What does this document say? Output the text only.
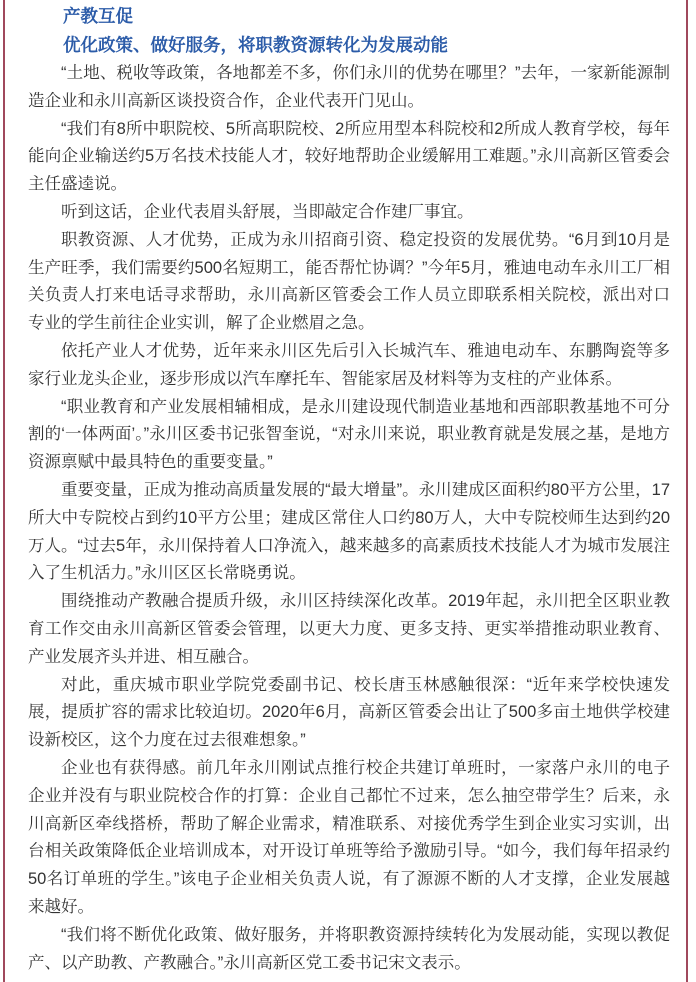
产教互促

优化政策、做好服务，将职教资源转化为发展动能

“土地、税收等政策，各地都差不多，你们永川的优势在哪里？”去年，一家新能源制造企业和永川高新区谈投资合作，企业代表开门见山。

“我们有8所中职院校、5所高职院校、2所应用型本科院校和2所成人教育学校，每年能向企业输送约5万名技术技能人才，较好地帮助企业缓解用工难题。”永川高新区管委会主任盛逵说。

听到这话，企业代表眉头舒展，当即敲定合作建厂事宜。

职教资源、人才优势，正成为永川招商引资、稳定投资的发展优势。“6月到10月是生产旺季，我们需要约500名短期工，能否帮忙协调？”今年5月，雅迪电动车永川工厂相关负责人打来电话寻求帮助，永川高新区管委会工作人员立即联系相关院校，派出对口专业的学生前往企业实训，解了企业燃眉之急。

依托产业人才优势，近年来永川区先后引入长城汽车、雅迪电动车、东鹏陶瓷等多家行业龙头企业，逐步形成以汽车摩托车、智能家居及材料等为支柱的产业体系。

“职业教育和产业发展相辅相成，是永川建设现代制造业基地和西部职教基地不可分割的‘一体两面’。”永川区委书记张智奎说，“对永川来说，职业教育就是发展之基，是地方资源禀赋中最具特色的重要变量。”

重要变量，正成为推动高质量发展的“最大增量”。永川建成区面积约80平方公里，17所大中专院校占到约10平方公里；建成区常住人口约80万人，大中专院校师生达到约20万人。“过去5年，永川保持着人口净流入，越来越多的高素质技术技能人才为城市发展注入了生机活力。”永川区区长常晓勇说。

围绕推动产教融合提质升级，永川区持续深化改革。2019年起，永川把全区职业教育工作交由永川高新区管委会管理，以更大力度、更多支持、更实举措推动职业教育、产业发展齐头并进、相互融合。

对此，重庆城市职业学院党委副书记、校长唐玉林感触很深：“近年来学校快速发展，提质扩容的需求比较迫切。2020年6月，高新区管委会出让了500多亩土地供学校建设新校区，这个力度在过去很难想象。”

企业也有获得感。前几年永川刚试点推行校企共建订单班时，一家落户永川的电子企业并没有与职业院校合作的打算：企业自己都忙不过来，怎么抽空带学生？后来，永川高新区牵线搭桥，帮助了解企业需求，精准联系、对接优秀学生到企业实习实训，出台相关政策降低企业培训成本，对开设订单班等给予激励引导。“如今，我们每年招录约50名订单班的学生。”该电子企业相关负责人说，有了源源不断的人才支撑，企业发展越来越好。

“我们将不断优化政策、做好服务，并将职教资源持续转化为发展动能，实现以教促产、以产助教、产教融合。”永川高新区党工委书记宋文表示。
